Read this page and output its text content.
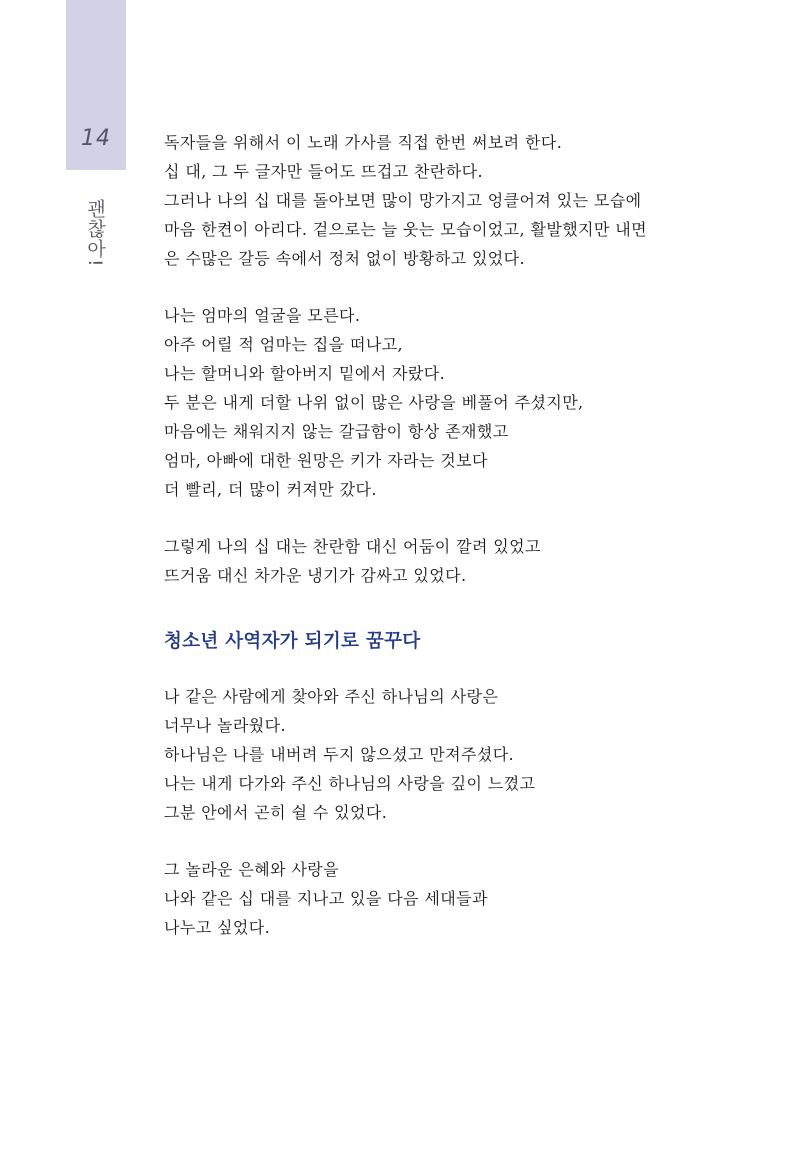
14
괜찮아!
독자들을 위해서 이 노래 가사를 직접 한번 써보려 한다.
십 대, 그 두 글자만 들어도 뜨겁고 찬란하다.
그러나 나의 십 대를 돌아보면 많이 망가지고 엉클어져 있는 모습에
마음 한켠이 아리다. 겉으로는 늘 웃는 모습이었고, 활발했지만 내면
은 수많은 갈등 속에서 정처 없이 방황하고 있었다.
나는 엄마의 얼굴을 모른다.
아주 어릴 적 엄마는 집을 떠나고,
나는 할머니와 할아버지 밑에서 자랐다.
두 분은 내게 더할 나위 없이 많은 사랑을 베풀어 주셨지만,
마음에는 채워지지 않는 갈급함이 항상 존재했고
엄마, 아빠에 대한 원망은 키가 자라는 것보다
더 빨리, 더 많이 커져만 갔다.
그렇게 나의 십 대는 찬란함 대신 어둠이 깔려 있었고
뜨거움 대신 차가운 냉기가 감싸고 있었다.
청소년 사역자가 되기로 꿈꾸다
나 같은 사람에게 찾아와 주신 하나님의 사랑은
너무나 놀라웠다.
하나님은 나를 내버려 두지 않으셨고 만져주셨다.
나는 내게 다가와 주신 하나님의 사랑을 깊이 느꼈고
그분 안에서 곤히 쉴 수 있었다.
그 놀라운 은혜와 사랑을
나와 같은 십 대를 지나고 있을 다음 세대들과
나누고 싶었다.
